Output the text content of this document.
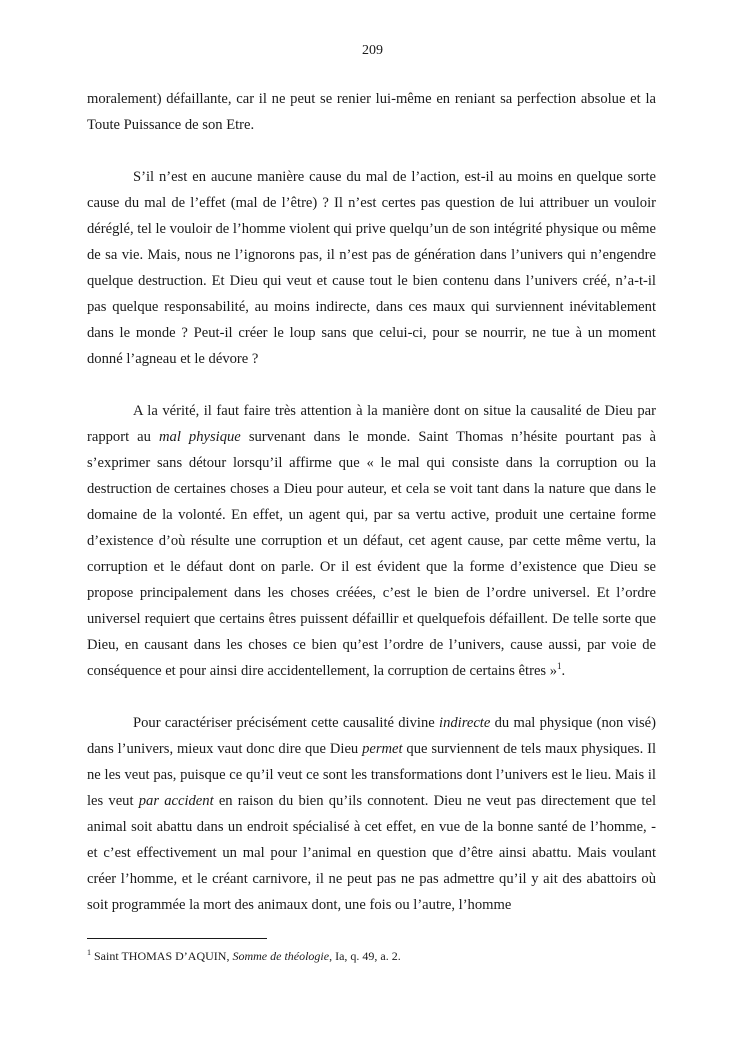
209

moralement) défaillante, car il ne peut se renier lui-même en reniant sa perfection absolue et la Toute Puissance de son Etre.

S’il n’est en aucune manière cause du mal de l’action, est-il au moins en quelque sorte cause du mal de l’effet (mal de l’être) ? Il n’est certes pas question de lui attribuer un vouloir déréglé, tel le vouloir de l’homme violent qui prive quelqu’un de son intégrité physique ou même de sa vie. Mais, nous ne l’ignorons pas, il n’est pas de génération dans l’univers qui n’engendre quelque destruction. Et Dieu qui veut et cause tout le bien contenu dans l’univers créé, n’a-t-il pas quelque responsabilité, au moins indirecte, dans ces maux qui surviennent inévitablement dans le monde ? Peut-il créer le loup sans que celui-ci, pour se nourrir, ne tue à un moment donné l’agneau et le dévore ?

A la vérité, il faut faire très attention à la manière dont on situe la causalité de Dieu par rapport au mal physique survenant dans le monde. Saint Thomas n’hésite pourtant pas à s’exprimer sans détour lorsqu’il affirme que « le mal qui consiste dans la corruption ou la destruction de certaines choses a Dieu pour auteur, et cela se voit tant dans la nature que dans le domaine de la volonté. En effet, un agent qui, par sa vertu active, produit une certaine forme d’existence d’où résulte une corruption et un défaut, cet agent cause, par cette même vertu, la corruption et le défaut dont on parle. Or il est évident que la forme d’existence que Dieu se propose principalement dans les choses créées, c’est le bien de l’ordre universel. Et l’ordre universel requiert que certains êtres puissent défaillir et quelquefois défaillent. De telle sorte que Dieu, en causant dans les choses ce bien qu’est l’ordre de l’univers, cause aussi, par voie de conséquence et pour ainsi dire accidentellement, la corruption de certains êtres »$^1$.

Pour caractériser précisément cette causalité divine indirecte du mal physique (non visé) dans l’univers, mieux vaut donc dire que Dieu permet que surviennent de tels maux physiques. Il ne les veut pas, puisque ce qu’il veut ce sont les transformations dont l’univers est le lieu. Mais il les veut par accident en raison du bien qu’ils connotent. Dieu ne veut pas directement que tel animal soit abattu dans un endroit spécialisé à cet effet, en vue de la bonne santé de l’homme, - et c’est effectivement un mal pour l’animal en question que d’être ainsi abattu. Mais voulant créer l’homme, et le créant carnivore, il ne peut pas ne pas admettre qu’il y ait des abattoirs où soit programmée la mort des animaux dont, une fois ou l’autre, l’homme

$^1$ Saint THOMAS D’AQUIN, Somme de théologie, Ia, q. 49, a. 2.
